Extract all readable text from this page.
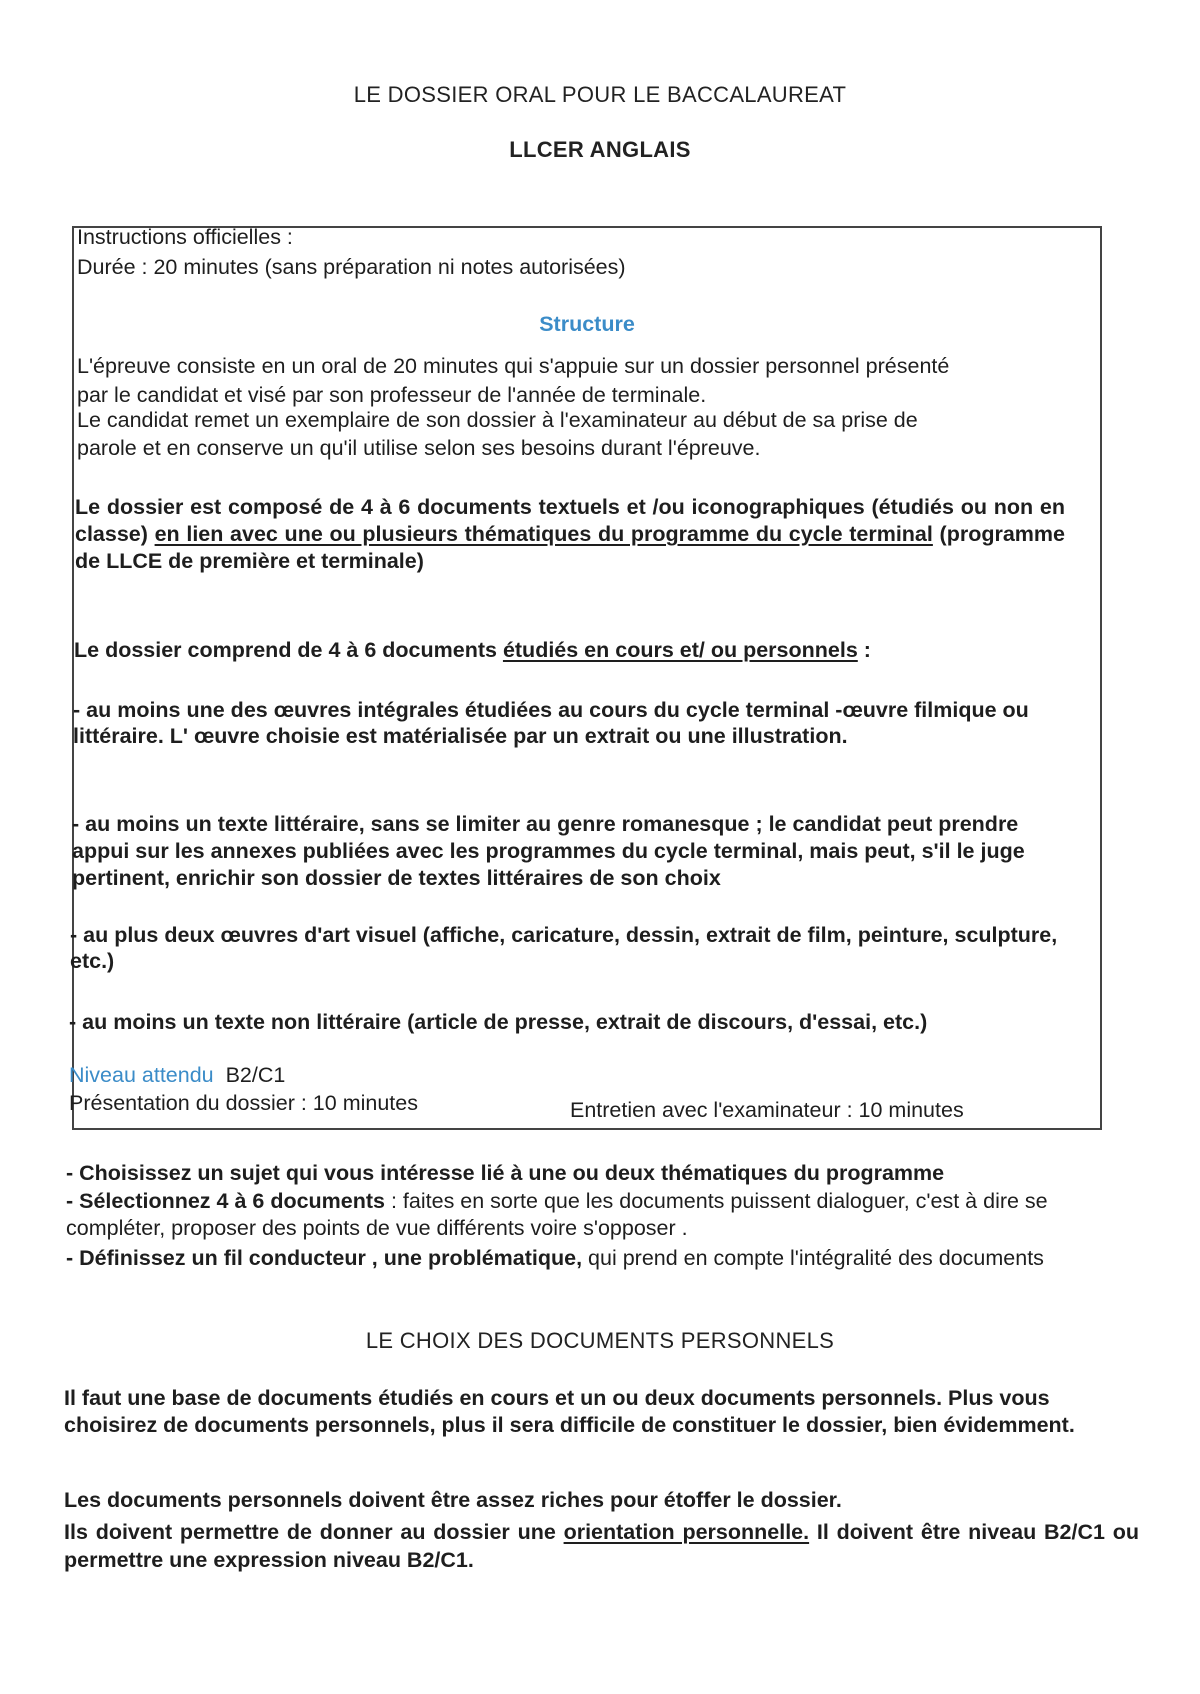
LE DOSSIER ORAL POUR LE BACCALAUREAT
LLCER ANGLAIS

Instructions officielles :

Durée : 20 minutes (sans préparation ni notes autorisées)

Structure

L'épreuve consiste en un oral de 20 minutes qui s'appuie sur un dossier personnel présenté

par le candidat et visé par son professeur de l'année de terminale.

Le candidat remet un exemplaire de son dossier à l'examinateur au début de sa prise de

parole et en conserve un qu'il utilise selon ses besoins durant l'épreuve.

Le dossier est composé de 4 à 6 documents textuels et /ou iconographiques (étudiés ou non en classe) en lien avec une ou plusieurs thématiques du programme du cycle terminal (programme de LLCE de première et terminale)

Le dossier comprend de 4 à 6 documents étudiés en cours et/ ou personnels :

- au moins une des œuvres intégrales étudiées au cours du cycle terminal -œuvre filmique ou littéraire. L' œuvre choisie est matérialisée par un extrait ou une illustration.

- au moins un texte littéraire, sans se limiter au genre romanesque ; le candidat peut prendre appui sur les annexes publiées avec les programmes du cycle terminal, mais peut, s'il le juge pertinent, enrichir son dossier de textes littéraires de son choix

- au plus deux œuvres d'art visuel (affiche, caricature, dessin, extrait de film, peinture, sculpture, etc.)

- au moins un texte non littéraire (article de presse, extrait de discours, d'essai, etc.)

Niveau attendu B2/C1

Présentation du dossier : 10 minutes	Entretien avec l'examinateur : 10 minutes

- Choisissez un sujet qui vous intéresse lié à une ou deux thématiques du programme

- Sélectionnez 4 à 6 documents : faites en sorte que les documents puissent dialoguer, c'est à dire se compléter, proposer des points de vue différents voire s'opposer .

- Définissez un fil conducteur , une problématique, qui prend en compte l'intégralité des documents

LE CHOIX DES DOCUMENTS PERSONNELS

Il faut une base de documents étudiés en cours et un ou deux documents personnels. Plus vous choisirez de documents personnels, plus il sera difficile de constituer le dossier, bien évidemment.

Les documents personnels doivent être assez riches pour étoffer le dossier.

Ils doivent permettre de donner au dossier une orientation personnelle. Il doivent être niveau B2/C1 ou permettre une expression niveau B2/C1.
